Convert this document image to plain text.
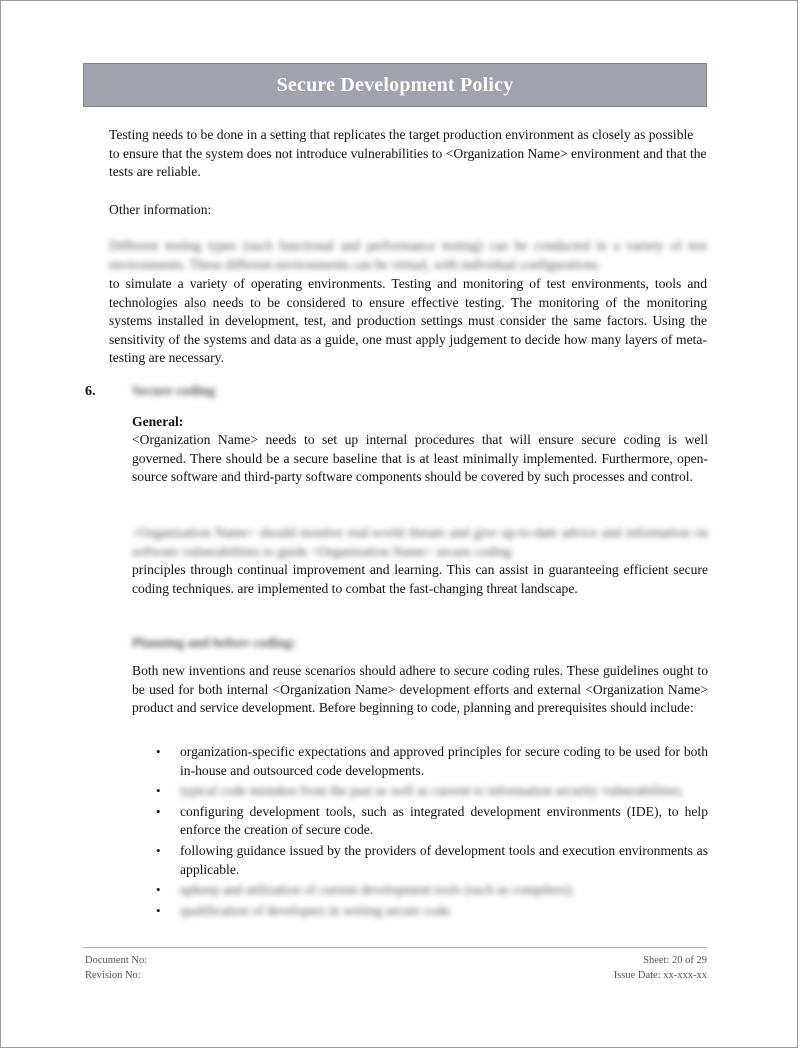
Secure Development Policy

Testing needs to be done in a setting that replicates the target production environment as closely as possible to ensure that the system does not introduce vulnerabilities to <Organization Name> environment and that the tests are reliable.

Other information:

Different testing types (such functional and performance testing) can be conducted in a variety of test environments. These different environments can be virtual, with individual configurations

to simulate a variety of operating environments. Testing and monitoring of test environments, tools and technologies also needs to be considered to ensure effective testing. The monitoring of the monitoring systems installed in development, test, and production settings must consider the same factors. Using the sensitivity of the systems and data as a guide, one must apply judgement to decide how many layers of meta-testing are necessary.

6.	Secure coding

General:

<Organization Name> needs to set up internal procedures that will ensure secure coding is well governed. There should be a secure baseline that is at least minimally implemented. Furthermore, open-source software and third-party software components should be covered by such processes and control.

<Organization Name> should monitor real-world threats and give up-to-date advice and information on software vulnerabilities to guide <Organization Name> secure coding

principles through continual improvement and learning. This can assist in guaranteeing efficient secure coding techniques. are implemented to combat the fast-changing threat landscape.

Planning and before coding:

Both new inventions and reuse scenarios should adhere to secure coding rules. These guidelines ought to be used for both internal <Organization Name> development efforts and external <Organization Name> product and service development. Before beginning to code, planning and prerequisites should include:

• organization-specific expectations and approved principles for secure coding to be used for both in-house and outsourced code developments.
• typical code mistakes from the past as well as current to information security vulnerabilities;
• configuring development tools, such as integrated development environments (IDE), to help enforce the creation of secure code.
• following guidance issued by the providers of development tools and execution environments as applicable.
• upkeep and utilization of current development tools (such as compilers);
• qualification of developers in writing secure code.
Document No:
Revision No:
Sheet: 20 of 29
Issue Date: xx-xxx-xx
